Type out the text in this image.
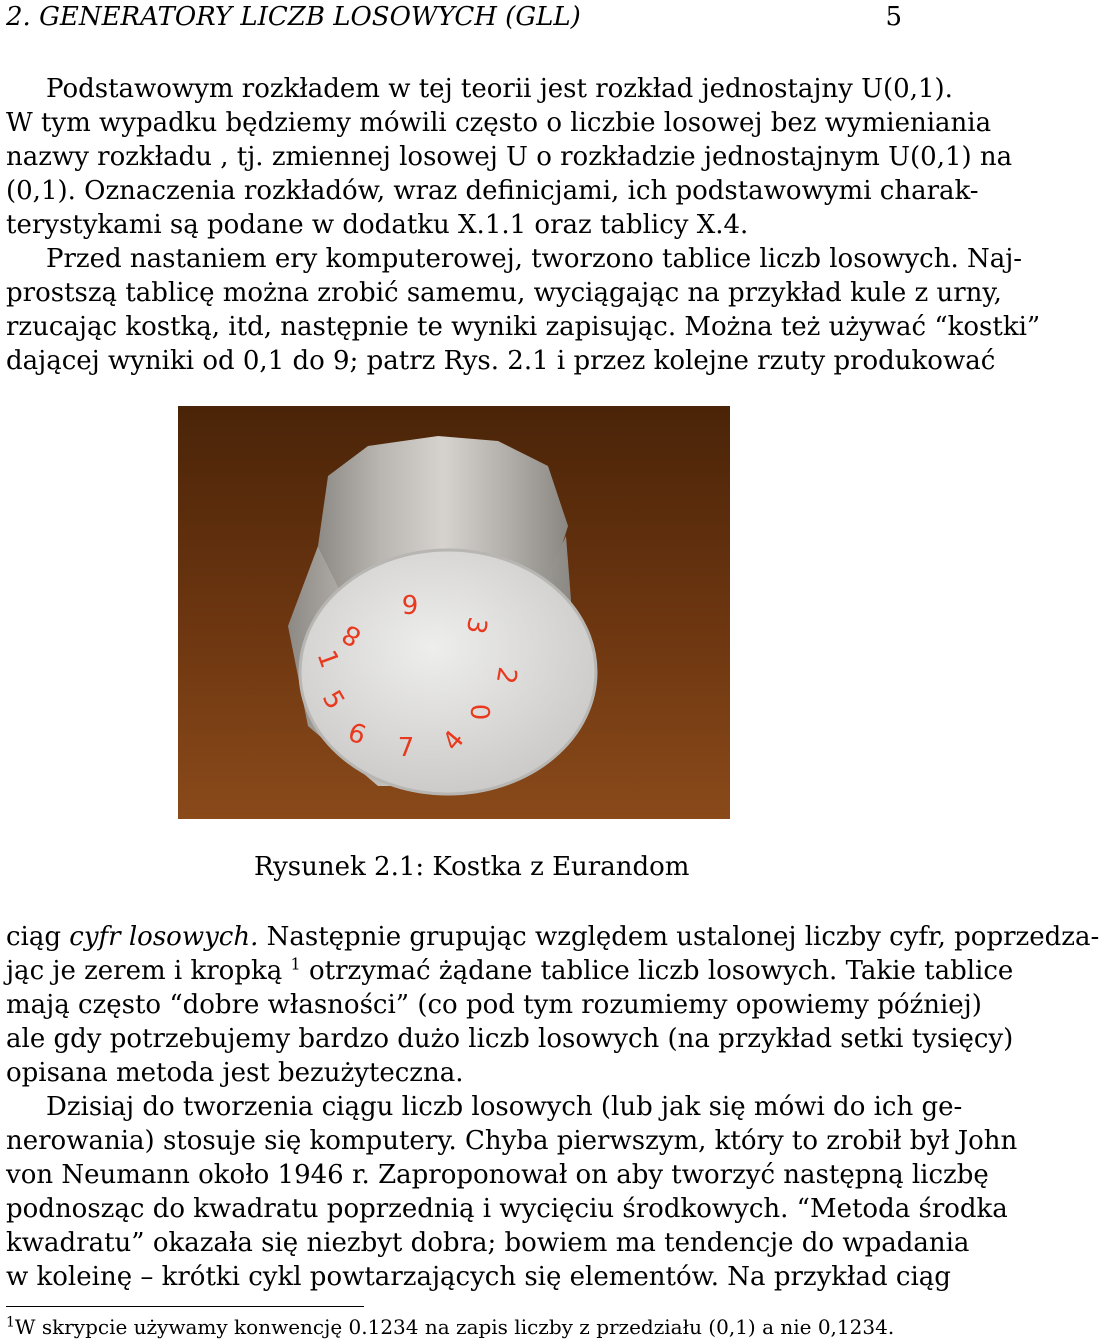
2. GENERATORY LICZB LOSOWYCH (GLL)	5
Podstawowym rozkładem w tej teorii jest rozkład jednostajny U(0,1).
W tym wypadku będziemy mówili często o liczbie losowej bez wymieniania
nazwy rozkładu , tj. zmiennej losowej U o rozkładzie jednostajnym U(0,1) na
(0,1). Oznaczenia rozkładów, wraz definicjami, ich podstawowymi charak-
terystykami są podane w dodatku X.1.1 oraz tablicy X.4.
Przed nastaniem ery komputerowej, tworzono tablice liczb losowych. Naj-
prostszą tablicę można zrobić samemu, wyciągając na przykład kule z urny,
rzucając kostką, itd, następnie te wyniki zapisując. Można też używać “kostki”
dającej wyniki od 0,1 do 9; patrz Rys. 2.1 i przez kolejne rzuty produkować
9
3
2
0
4
7
6
5
1
8
Rysunek 2.1: Kostka z Eurandom
ciąg cyfr losowych. Następnie grupując względem ustalonej liczby cyfr, poprzedza-
jąc je zerem i kropką $^1$ otrzymać żądane tablice liczb losowych. Takie tablice
mają często “dobre własności” (co pod tym rozumiemy opowiemy później)
ale gdy potrzebujemy bardzo dużo liczb losowych (na przykład setki tysięcy)
opisana metoda jest bezużyteczna.
Dzisiaj do tworzenia ciągu liczb losowych (lub jak się mówi do ich ge-
nerowania) stosuje się komputery. Chyba pierwszym, który to zrobił był John
von Neumann około 1946 r. Zaproponował on aby tworzyć następną liczbę
podnosząc do kwadratu poprzednią i wycięciu środkowych. “Metoda środka
kwadratu” okazała się niezbyt dobra; bowiem ma tendencje do wpadania
w koleinę – krótki cykl powtarzających się elementów. Na przykład ciąg
$^1$W skrypcie używamy konwencję 0.1234 na zapis liczby z przedziału (0,1) a nie 0,1234.
